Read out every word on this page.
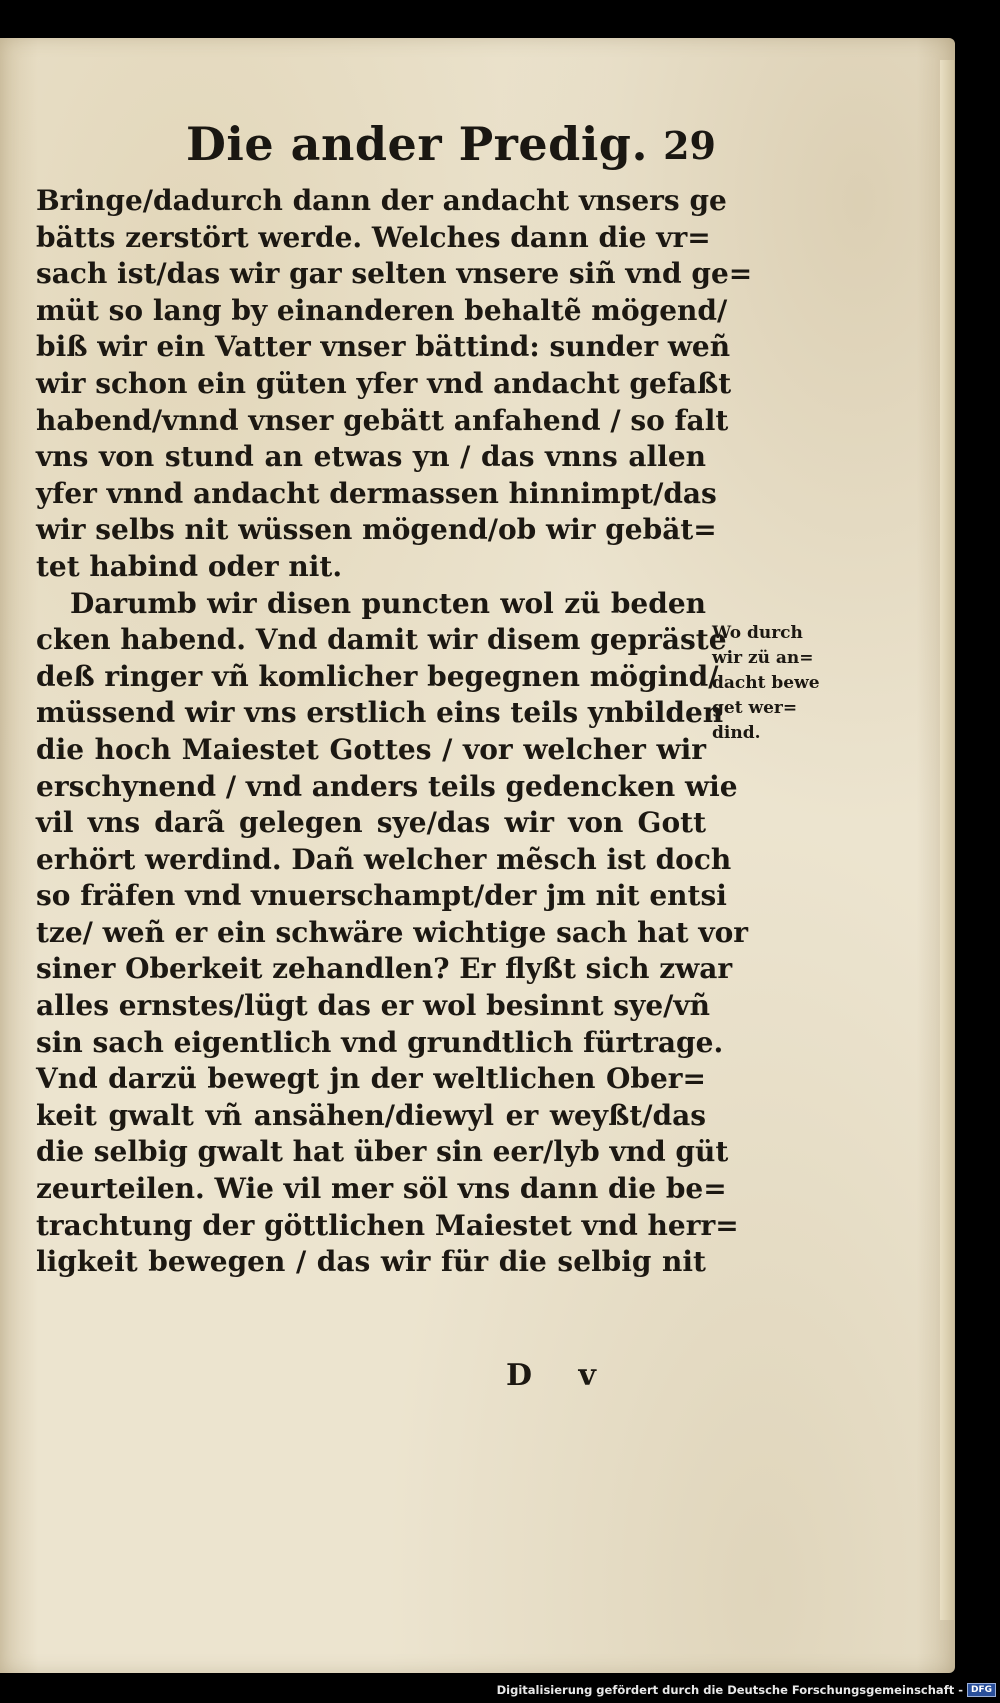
Die ander Predig. 29
Bringe/dadurch dann der andacht vnsers ge
bätts zerstört werde. Welches dann die vr=
sach ist/das wir gar selten vnsere siñ vnd ge=
müt so lang by einanderen behaltẽ mögend/
biß wir ein Vatter vnser bättind: sunder weñ
wir schon ein güten yfer vnd andacht gefaßt
habend/vnnd vnser gebätt anfahend / so falt
vns von stund an etwas yn / das vnns allen
yfer vnnd andacht dermassen hinnimpt/das
wir selbs nit wüssen mögend/ob wir gebät=
tet habind oder nit.
Darumb wir disen puncten wol zü beden
cken habend. Vnd damit wir disem gepräste
deß ringer vñ komlicher begegnen mögind/
müssend wir vns erstlich eins teils ynbilden
die hoch Maiestet Gottes / vor welcher wir
erschynend / vnd anders teils gedencken wie
vil vns darã gelegen sye/das wir von Gott
erhört werdind. Dañ welcher mẽsch ist doch
so fräfen vnd vnuerschampt/der jm nit entsi
tze/ weñ er ein schwäre wichtige sach hat vor
siner Oberkeit zehandlen? Er flyßt sich zwar
alles ernstes/lügt das er wol besinnt sye/vñ
sin sach eigentlich vnd grundtlich fürtrage.
Vnd darzü bewegt jn der weltlichen Ober=
keit gwalt vñ ansähen/diewyl er weyßt/das
die selbig gwalt hat über sin eer/lyb vnd güt
zeurteilen. Wie vil mer söl vns dann die be=
trachtung der göttlichen Maiestet vnd herr=
ligkeit bewegen / das wir für die selbig nit
Wo durch
wir zü an=
dacht bewe
get wer=
dind.
D v
Digitalisierung gefördert durch die Deutsche Forschungsgemeinschaft - DFG
